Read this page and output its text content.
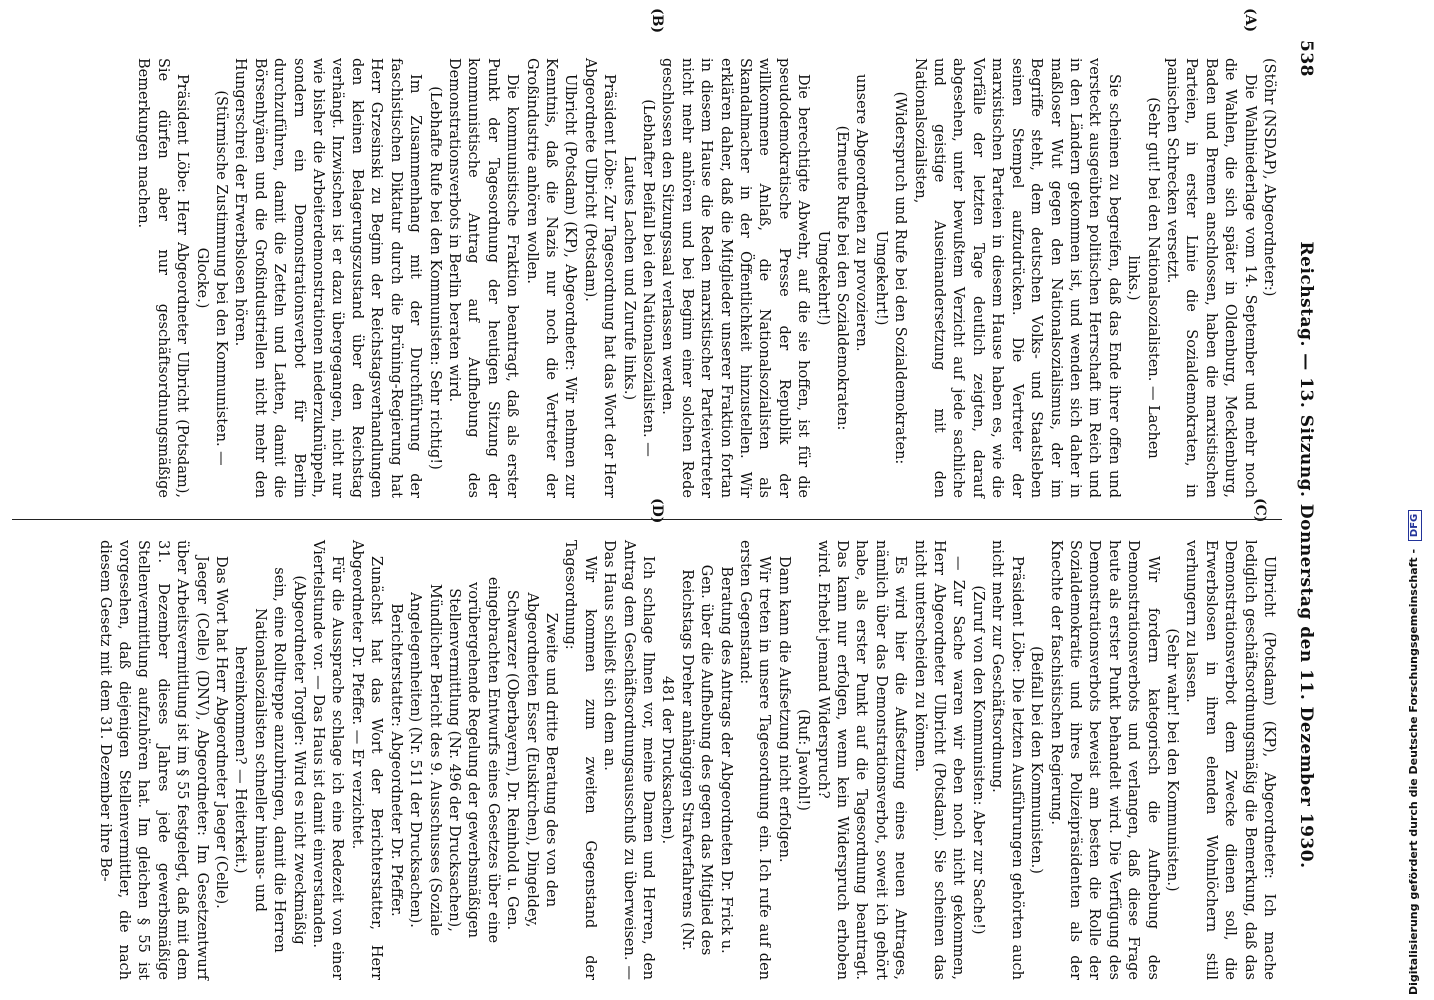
538
Reichstag. — 13. Sitzung. Donnerstag den 11. Dezember 1930.
(A)
(B)
(C)
(D)

(Stöhr (NSDAP), Abgeordneter:)

Die Wahlniederlage vom 14. September und mehr noch die Wahlen, die sich später in Oldenburg, Mecklenburg, Baden und Bremen anschlossen, haben die marxistischen Parteien, in erster Linie die Sozialdemokraten, in panischen Schrecken versetzt.

(Sehr gut! bei den Nationalsozialisten. — Lachen links.)

Sie scheinen zu begreifen, daß das Ende ihrer offen und versteckt ausgeübten politischen Herrschaft im Reich und in den Ländern gekommen ist, und wenden sich daher in maßloser Wut gegen den Nationalsozialismus, der im Begriffe steht, dem deutschen Volks- und Staatsleben seinen Stempel aufzudrücken. Die Vertreter der marxistischen Parteien in diesem Hause haben es, wie die Vorfälle der letzten Tage deutlich zeigten, darauf abgesehen, unter bewußtem Verzicht auf jede sachliche und geistige Auseinandersetzung mit den Nationalsozialisten,

(Widerspruch und Rufe bei den Sozialdemokraten: Umgekehrt!)

unsere Abgeordneten zu provozieren.

(Erneute Rufe bei den Sozialdemokraten: Umgekehrt!)

Die berechtigte Abwehr, auf die sie hoffen, ist für die pseudodemokratische Presse der Republik der willkommene Anlaß, die Nationalsozialisten als Skandalmacher in der Öffentlichkeit hinzustellen. Wir erklären daher, daß die Mitglieder unserer Fraktion fortan in diesem Hause die Reden marxistischer Parteivertreter nicht mehr anhören und bei Beginn einer solchen Rede geschlossen den Sitzungssaal verlassen werden.

(Lebhafter Beifall bei den Nationalsozialisten. — Lautes Lachen und Zurufe links.)

Präsident Löbe: Zur Tagesordnung hat das Wort der Herr Abgeordnete Ulbricht (Potsdam).

Ulbricht (Potsdam) (KP), Abgeordneter: Wir nehmen zur Kenntnis, daß die Nazis nur noch die Vertreter der Großindustrie anhören wollen.

Die kommunistische Fraktion beantragt, daß als erster Punkt der Tagesordnung der heutigen Sitzung der kommunistische Antrag auf Aufhebung des Demonstrationsverbots in Berlin beraten wird.

(Lebhafte Rufe bei den Kommunisten: Sehr richtig!)

Im Zusammenhang mit der Durchführung der faschistischen Diktatur durch die Brüning-Regierung hat Herr Grzesinski zu Beginn der Reichstagsverhandlungen den kleinen Belagerungszustand über den Reichstag verhängt. Inzwischen ist er dazu übergegangen, nicht nur wie bisher die Arbeiterdemonstrationen niederzuknüppeln, sondern ein Demonstrationsverbot für Berlin durchzuführen, damit die Zetteln und Latten, damit die Börsenhyänen und die Großindustriellen nicht mehr den Hungerschrei der Erwerbslosen hören.

(Stürmische Zustimmung bei den Kommunisten. — Glocke.)

Präsident Löbe: Herr Abgeordneter Ulbricht (Potsdam), Sie dürfen aber nur geschäftsordnungsmäßige Bemerkungen machen.

Ulbricht (Potsdam) (KP), Abgeordneter: Ich mache lediglich geschäftsordnungsmäßig die Bemerkung, daß das Demonstrationsverbot dem Zwecke dienen soll, die Erwerbslosen in ihren elenden Wohnlöchern still verhungern zu lassen.

(Sehr wahr! bei den Kommunisten.)

Wir fordern kategorisch die Aufhebung des Demonstrationsverbots und verlangen, daß diese Frage heute als erster Punkt behandelt wird. Die Verfügung des Demonstrationsverbots beweist am besten die Rolle der Sozialdemokratie und ihres Polizeipräsidenten als der Knechte der faschistischen Regierung.

(Beifall bei den Kommunisten.)

Präsident Löbe: Die letzten Ausführungen gehörten auch nicht mehr zur Geschäftsordnung.

(Zuruf von den Kommunisten: Aber zur Sache!)

— Zur Sache waren wir eben noch nicht gekommen, Herr Abgeordneter Ulbricht (Potsdam). Sie scheinen das nicht unterscheiden zu können.

Es wird hier die Aufsetzung eines neuen Antrages, nämlich über das Demonstrationsverbot, soweit ich gehört habe, als erster Punkt auf die Tagesordnung beantragt. Das kann nur erfolgen, wenn kein Widerspruch erhoben wird. Erhebt jemand Widerspruch?

(Ruf: Jawohl!)

Dann kann die Aufsetzung nicht erfolgen.

Wir treten in unsere Tagesordnung ein. Ich rufe auf den ersten Gegenstand:

Beratung des Antrags der Abgeordneten Dr. Frick u. Gen. über die Aufhebung des gegen das Mitglied des Reichstags Dreher anhängigen Strafverfahrens (Nr. 481 der Drucksachen).

Ich schlage Ihnen vor, meine Damen und Herren, den Antrag dem Geschäftsordnungsausschuß zu überweisen. — Das Haus schließt sich dem an.

Wir kommen zum zweiten Gegenstand der Tagesordnung:

Zweite und dritte Beratung des von den Abgeordneten Esser (Euskirchen), Dingeldey, Schwarzer (Oberbayern), Dr. Reinhold u. Gen. eingebrachten Entwurfs eines Gesetzes über eine vorübergehende Regelung der gewerbsmäßigen Stellenvermittlung (Nr. 496 der Drucksachen), Mündlicher Bericht des 9. Ausschusses (Soziale Angelegenheiten) (Nr. 511 der Drucksachen).

Berichterstatter: Abgeordneter Dr. Pfeffer.

Zunächst hat das Wort der Berichterstatter, Herr Abgeordneter Dr. Pfeffer. — Er verzichtet.

Für die Aussprache schlage ich eine Redezeit von einer Viertelstunde vor. — Das Haus ist damit einverstanden.

(Abgeordneter Torgler: Wird es nicht zweckmäßig sein, eine Rolltreppe anzubringen, damit die Herren Nationalsozialisten schneller hinaus- und hereinkommen? — Heiterkeit.)

Das Wort hat Herr Abgeordneter Jaeger (Celle).

Jaeger (Celle) (DNV), Abgeordneter: Im Gesetzentwurf über Arbeitsvermittlung ist im § 55 festgelegt, daß mit dem 31. Dezember dieses Jahres jede gewerbsmäßige Stellenvermittlung aufzuhören hat. Im gleichen § 55 ist vorgesehen, daß diejenigen Stellenvermittler, die nach diesem Gesetz mit dem 31. Dezember ihre Be-	Digitalisierung gefördert durch die Deutsche Forschungsgemeinschaft - DFG
